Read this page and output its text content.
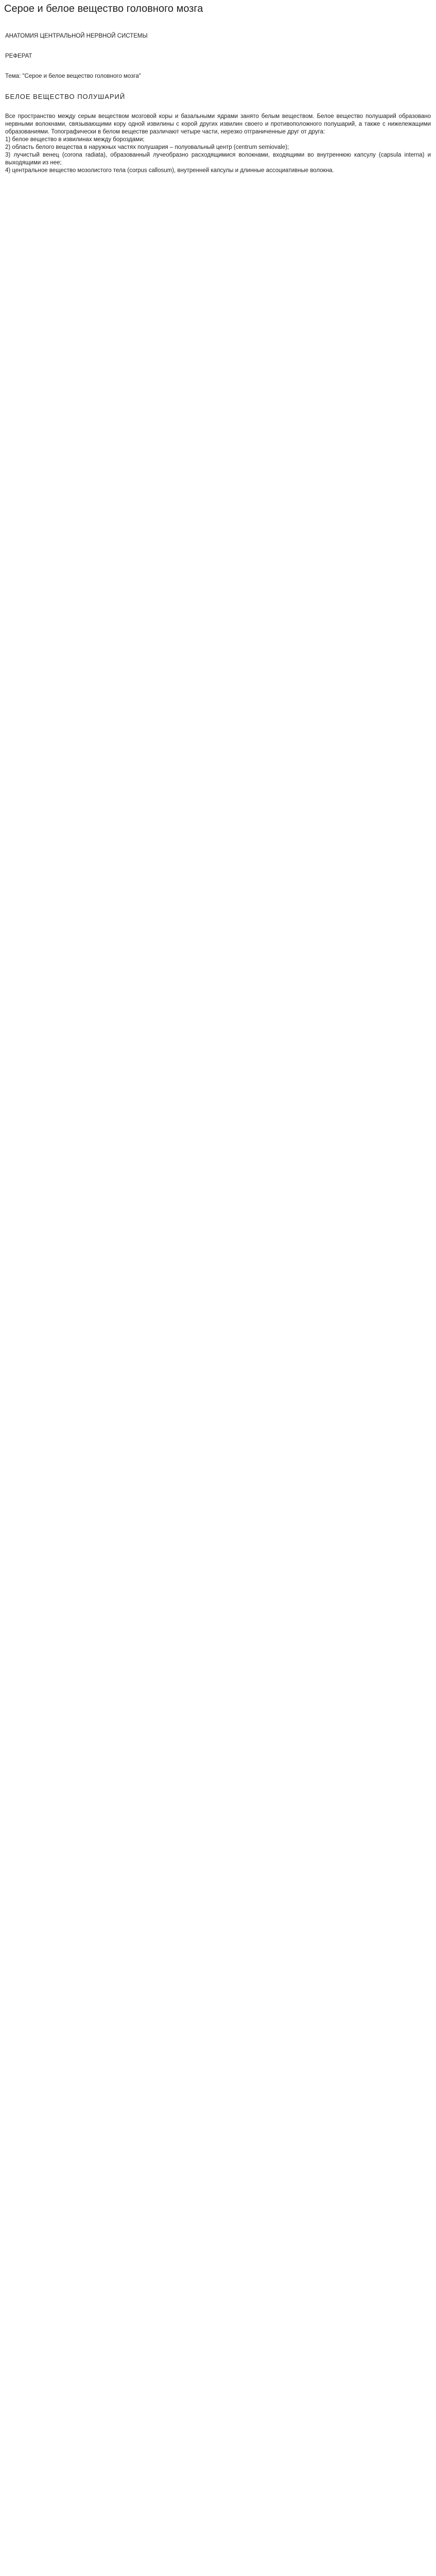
Серое и белое вещество головного мозга

АНАТОМИЯ ЦЕНТРАЛЬНОЙ НЕРВНОЙ СИСТЕМЫ

РЕФЕРАТ

Тема: "Серое и белое вещество головного мозга"

БЕЛОЕ ВЕЩЕСТВО ПОЛУШАРИЙ

Все пространство между серым веществом мозговой коры и базальными ядрами занято белым веществом. Белое вещество полушарий образовано нервными волокнами, связывающими кору одной извилины с корой других извилин своего и противоположного полушарий, а также с нижележащими образованиями. Топографически в белом веществе различают четыре части, нерезко отграниченные друг от друга:

1) белое вещество в извилинах между бороздами;

2) область белого вещества в наружных частях полушария – полуовальный центр (centrum semiovale);

3) лучистый венец (corona radiata), образованный лучеобразно расходящимися волокнами, входящими во внутреннюю капсулу (capsula interna) и выходящими из нее;

4) центральное вещество мозолистого тела (corpus callosum), внутренней капсулы и длинные ассоциативные волокна.
